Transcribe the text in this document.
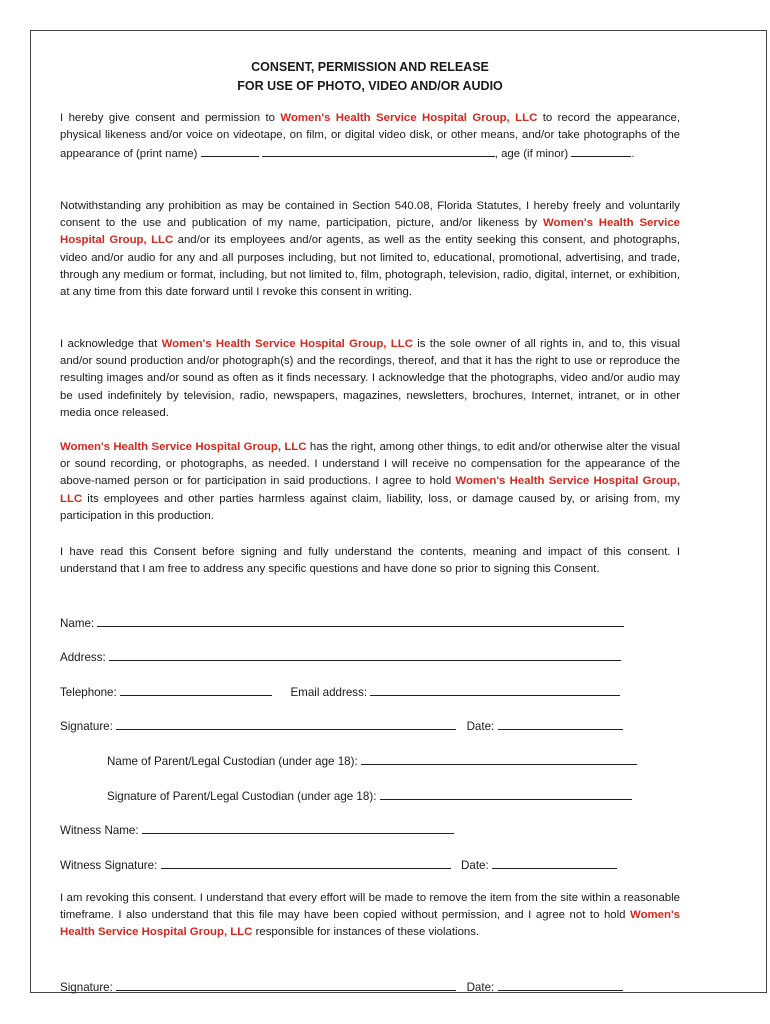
CONSENT, PERMISSION AND RELEASE
FOR USE OF PHOTO, VIDEO AND/OR AUDIO
I hereby give consent and permission to Women's Health Service Hospital Group, LLC to record the appearance, physical likeness and/or voice on videotape, on film, or digital video disk, or other means, and/or take photographs of the appearance of (print name)	, age (if minor)	.
Notwithstanding any prohibition as may be contained in Section 540.08, Florida Statutes, I hereby freely and voluntarily consent to the use and publication of my name, participation, picture, and/or likeness by Women's Health Service Hospital Group, LLC and/or its employees and/or agents, as well as the entity seeking this consent, and photographs, video and/or audio for any and all purposes including, but not limited to, educational, promotional, advertising, and trade, through any medium or format, including, but not limited to, film, photograph, television, radio, digital, internet, or exhibition, at any time from this date forward until I revoke this consent in writing.
I acknowledge that Women's Health Service Hospital Group, LLC is the sole owner of all rights in, and to, this visual and/or sound production and/or photograph(s) and the recordings, thereof, and that it has the right to use or reproduce the resulting images and/or sound as often as it finds necessary. I acknowledge that the photographs, video and/or audio may be used indefinitely by television, radio, newspapers, magazines, newsletters, brochures, Internet, intranet, or in other media once released.
Women's Health Service Hospital Group, LLC has the right, among other things, to edit and/or otherwise alter the visual or sound recording, or photographs, as needed. I understand I will receive no compensation for the appearance of the above-named person or for participation in said productions. I agree to hold Women's Health Service Hospital Group, LLC its employees and other parties harmless against claim, liability, loss, or damage caused by, or arising from, my participation in this production.
I have read this Consent before signing and fully understand the contents, meaning and impact of this consent. I understand that I am free to address any specific questions and have done so prior to signing this Consent.
Name:
Address:
Telephone:	Email address:
Signature:	Date:
Name of Parent/Legal Custodian (under age 18):
Signature of Parent/Legal Custodian (under age 18):
Witness Name:
Witness Signature:	Date:
I am revoking this consent. I understand that every effort will be made to remove the item from the site within a reasonable timeframe. I also understand that this file may have been copied without permission, and I agree not to hold Women's Health Service Hospital Group, LLC responsible for instances of these violations.
Signature:	Date:
